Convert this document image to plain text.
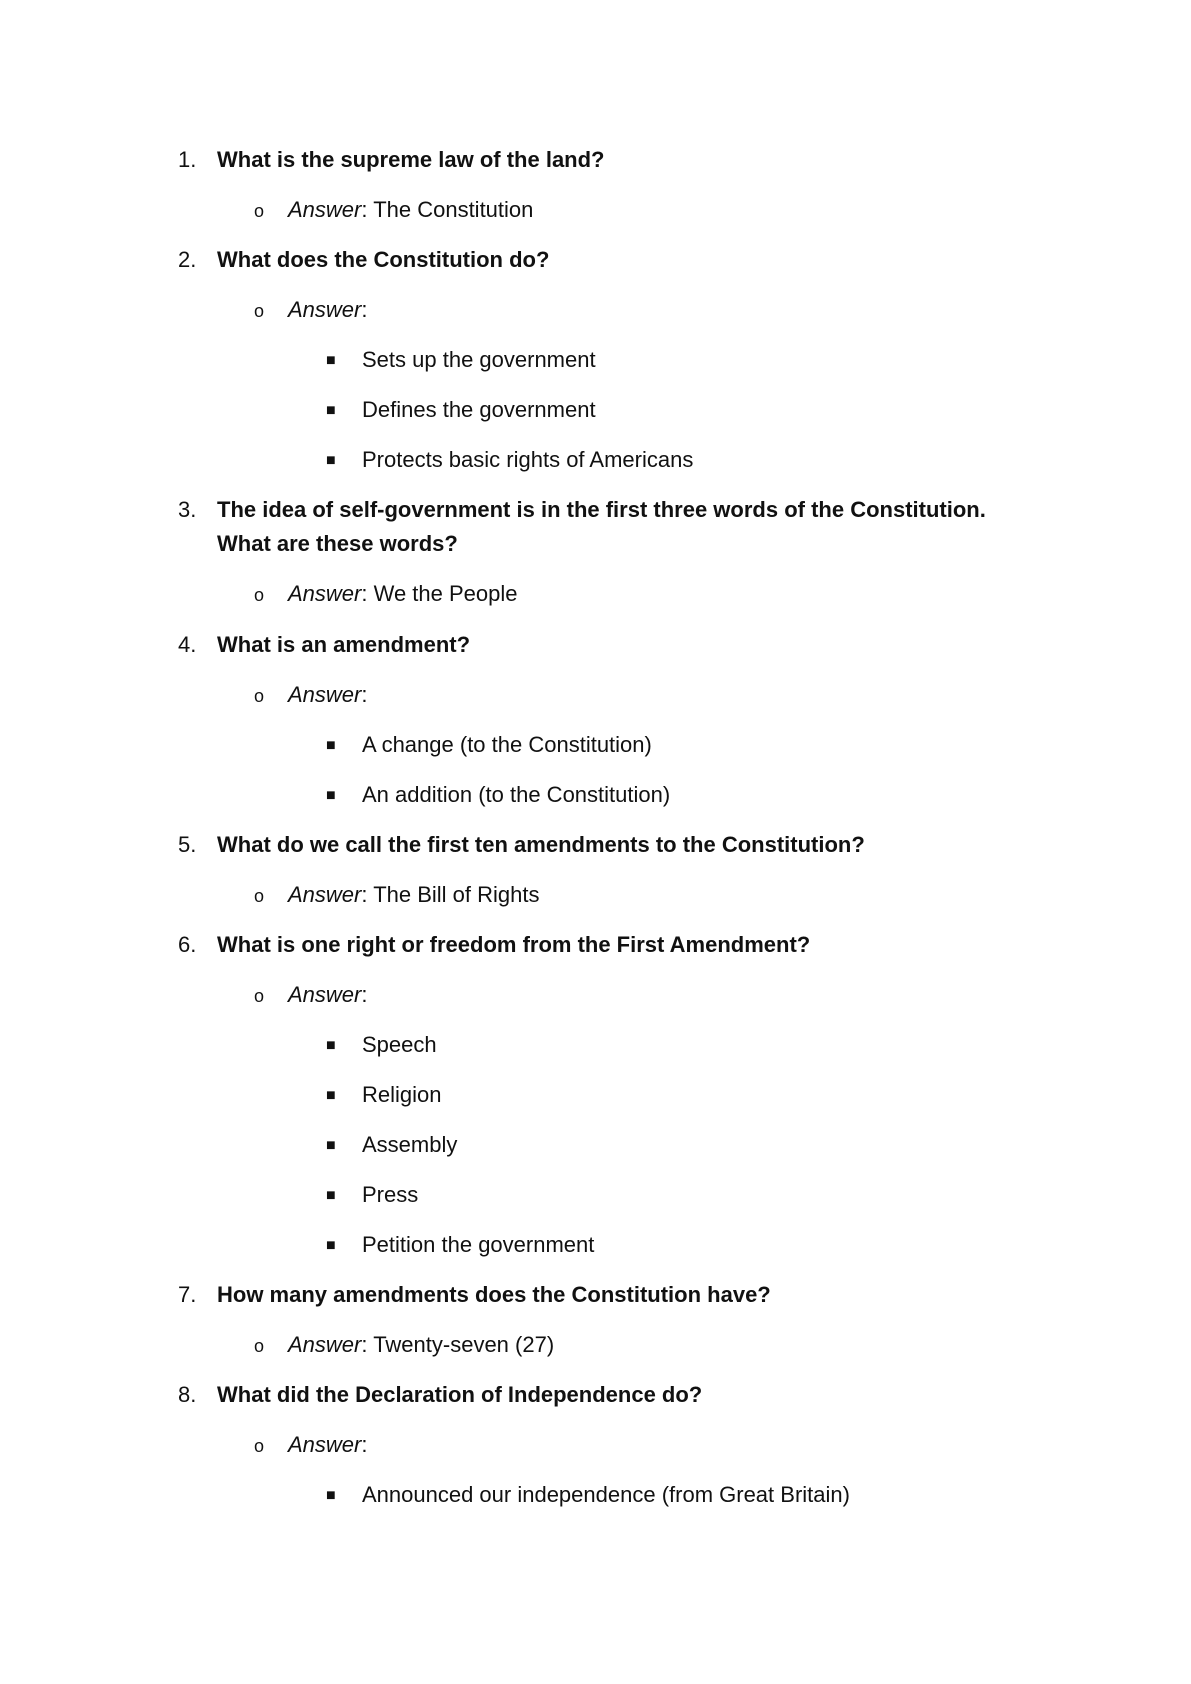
1. What is the supreme law of the land?
o Answer: The Constitution
2. What does the Constitution do?
o Answer:
■ Sets up the government
■ Defines the government
■ Protects basic rights of Americans
3. The idea of self-government is in the first three words of the Constitution. What are these words?
o Answer: We the People
4. What is an amendment?
o Answer:
■ A change (to the Constitution)
■ An addition (to the Constitution)
5. What do we call the first ten amendments to the Constitution?
o Answer: The Bill of Rights
6. What is one right or freedom from the First Amendment?
o Answer:
■ Speech
■ Religion
■ Assembly
■ Press
■ Petition the government
7. How many amendments does the Constitution have?
o Answer: Twenty-seven (27)
8. What did the Declaration of Independence do?
o Answer:
■ Announced our independence (from Great Britain)
